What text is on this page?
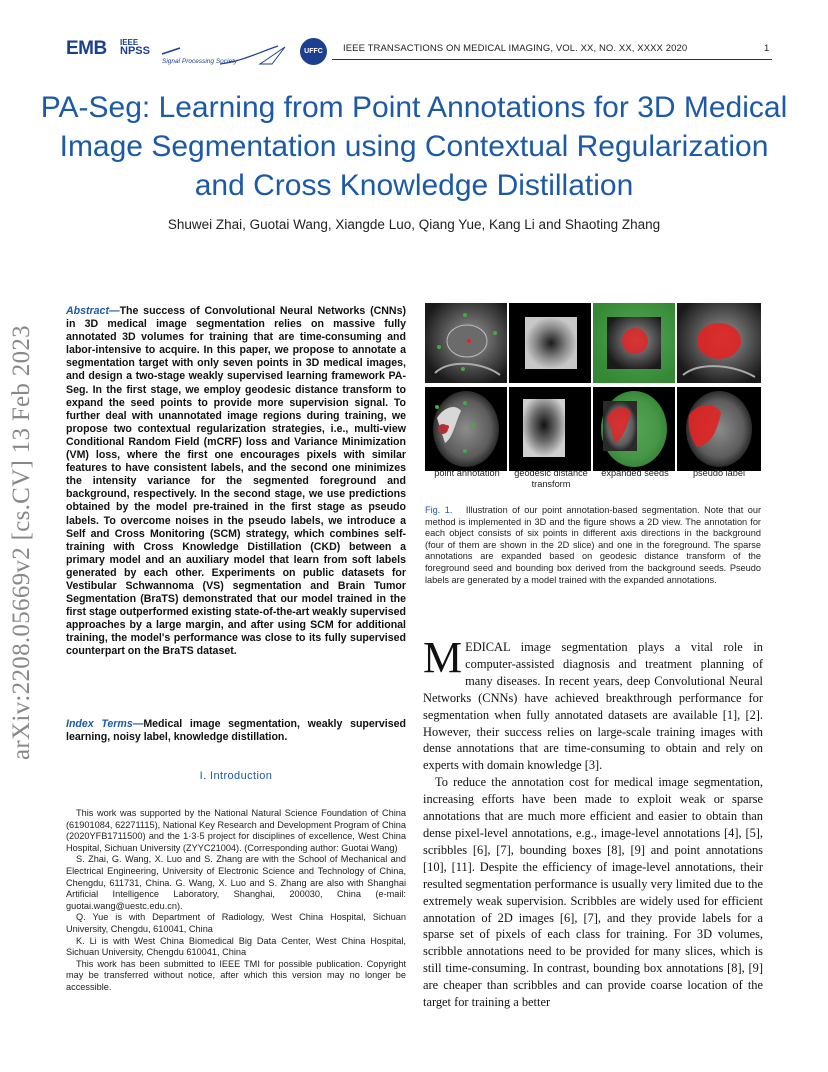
EMB IEEE
NPSS
Signal Processing Society
UFFC	IEEE TRANSACTIONS ON MEDICAL IMAGING, VOL. XX, NO. XX, XXXX 2020	1
PA-Seg: Learning from Point Annotations for 3D Medical Image Segmentation using Contextual Regularization and Cross Knowledge Distillation
Shuwei Zhai, Guotai Wang, Xiangde Luo, Qiang Yue, Kang Li and Shaoting Zhang
arXiv:2208.05669v2 [cs.CV] 13 Feb 2023
Abstract—The success of Convolutional Neural Networks (CNNs) in 3D medical image segmentation relies on massive fully annotated 3D volumes for training that are time-consuming and labor-intensive to acquire. In this paper, we propose to annotate a segmentation target with only seven points in 3D medical images, and design a two-stage weakly supervised learning framework PA-Seg. In the first stage, we employ geodesic distance transform to expand the seed points to provide more supervision signal. To further deal with unannotated image regions during training, we propose two contextual regularization strategies, i.e., multi-view Conditional Random Field (mCRF) loss and Variance Minimization (VM) loss, where the first one encourages pixels with similar features to have consistent labels, and the second one minimizes the intensity variance for the segmented foreground and background, respectively. In the second stage, we use predictions obtained by the model pre-trained in the first stage as pseudo labels. To overcome noises in the pseudo labels, we introduce a Self and Cross Monitoring (SCM) strategy, which combines self-training with Cross Knowledge Distillation (CKD) between a primary model and an auxiliary model that learn from soft labels generated by each other. Experiments on public datasets for Vestibular Schwannoma (VS) segmentation and Brain Tumor Segmentation (BraTS) demonstrated that our model trained in the first stage outperformed existing state-of-the-art weakly supervised approaches by a large margin, and after using SCM for additional training, the model's performance was close to its fully supervised counterpart on the BraTS dataset.
Index Terms—Medical image segmentation, weakly supervised learning, noisy label, knowledge distillation.
I. Introduction

This work was supported by the National Natural Science Foundation of China (61901084, 62271115), National Key Research and Development Program of China (2020YFB1711500) and the 1·3·5 project for disciplines of excellence, West China Hospital, Sichuan University (ZYYC21004). (Corresponding author: Guotai Wang)

S. Zhai, G. Wang, X. Luo and S. Zhang are with the School of Mechanical and Electrical Engineering, University of Electronic Science and Technology of China, Chengdu, 611731, China. G. Wang, X. Luo and S. Zhang are also with Shanghai Artificial Intelligence Laboratory, Shanghai, 200030, China (e-mail: guotai.wang@uestc.edu.cn).

Q. Yue is with Department of Radiology, West China Hospital, Sichuan University, Chengdu, 610041, China

K. Li is with West China Biomedical Big Data Center, West China Hospital, Sichuan University, Chengdu 610041, China

This work has been submitted to IEEE TMI for possible publication. Copyright may be transferred without notice, after which this version may no longer be accessible.

point annotation	geodesic distance transform
expanded seeds	pseudo label
Fig. 1. Illustration of our point annotation-based segmentation. Note that our method is implemented in 3D and the figure shows a 2D view. The annotation for each object consists of six points in different axis directions in the background (four of them are shown in the 2D slice) and one in the foreground. The sparse annotations are expanded based on geodesic distance transform of the foreground seed and bounding box derived from the background seeds. Pseudo labels are generated by a model trained with the expanded annotations.

MEDICAL image segmentation plays a vital role in computer-assisted diagnosis and treatment planning of many diseases. In recent years, deep Convolutional Neural Networks (CNNs) have achieved breakthrough performance for segmentation when fully annotated datasets are available [1], [2]. However, their success relies on large-scale training images with dense annotations that are time-consuming to obtain and rely on experts with domain knowledge [3].

To reduce the annotation cost for medical image segmentation, increasing efforts have been made to exploit weak or sparse annotations that are much more efficient and easier to obtain than dense pixel-level annotations, e.g., image-level annotations [4], [5], scribbles [6], [7], bounding boxes [8], [9] and point annotations [10], [11]. Despite the efficiency of image-level annotations, their resulted segmentation performance is usually very limited due to the extremely weak supervision. Scribbles are widely used for efficient annotation of 2D images [6], [7], and they provide labels for a sparse set of pixels of each class for training. For 3D volumes, scribble annotations need to be provided for many slices, which is still time-consuming. In contrast, bounding box annotations [8], [9] are cheaper than scribbles and can provide coarse location of the target for training a better
